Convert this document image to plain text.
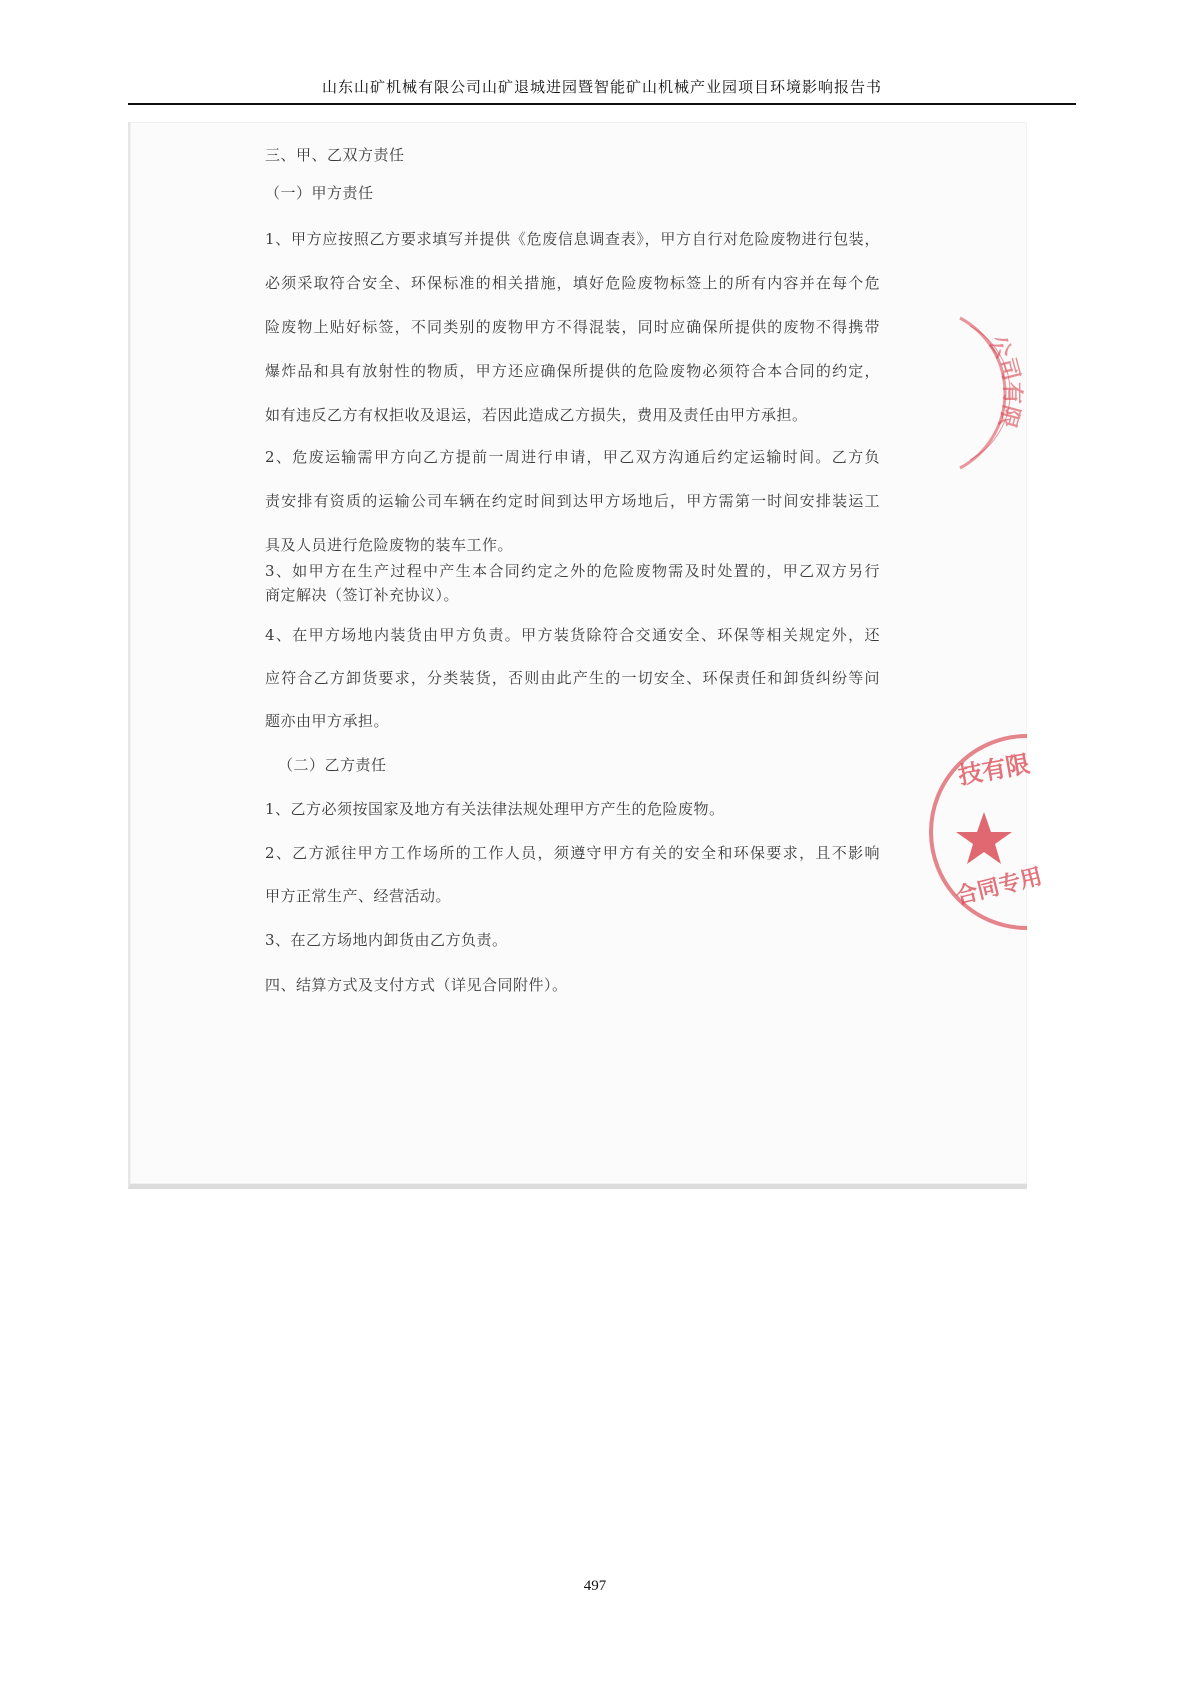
山东山矿机械有限公司山矿退城进园暨智能矿山机械产业园项目环境影响报告书
三、甲、乙双方责任
（一）甲方责任
1、甲方应按照乙方要求填写并提供《危废信息调查表》，甲方自行对危险废物进行包装，
必须采取符合安全、环保标准的相关措施，填好危险废物标签上的所有内容并在每个危
险废物上贴好标签，不同类别的废物甲方不得混装，同时应确保所提供的废物不得携带
爆炸品和具有放射性的物质，甲方还应确保所提供的危险废物必须符合本合同的约定，
如有违反乙方有权拒收及退运，若因此造成乙方损失，费用及责任由甲方承担。
2、危废运输需甲方向乙方提前一周进行申请，甲乙双方沟通后约定运输时间。乙方负
责安排有资质的运输公司车辆在约定时间到达甲方场地后，甲方需第一时间安排装运工
具及人员进行危险废物的装车工作。
3、如甲方在生产过程中产生本合同约定之外的危险废物需及时处置的，甲乙双方另行
商定解决（签订补充协议）。
4、在甲方场地内装货由甲方负责。甲方装货除符合交通安全、环保等相关规定外，还
应符合乙方卸货要求，分类装货，否则由此产生的一切安全、环保责任和卸货纠纷等问
题亦由甲方承担。
（二）乙方责任
1、乙方必须按国家及地方有关法律法规处理甲方产生的危险废物。
2、乙方派往甲方工作场所的工作人员，须遵守甲方有关的安全和环保要求，且不影响
甲方正常生产、经营活动。
3、在乙方场地内卸货由乙方负责。
四、结算方式及支付方式（详见合同附件）。
公司有限
技有限
合同专用
497
